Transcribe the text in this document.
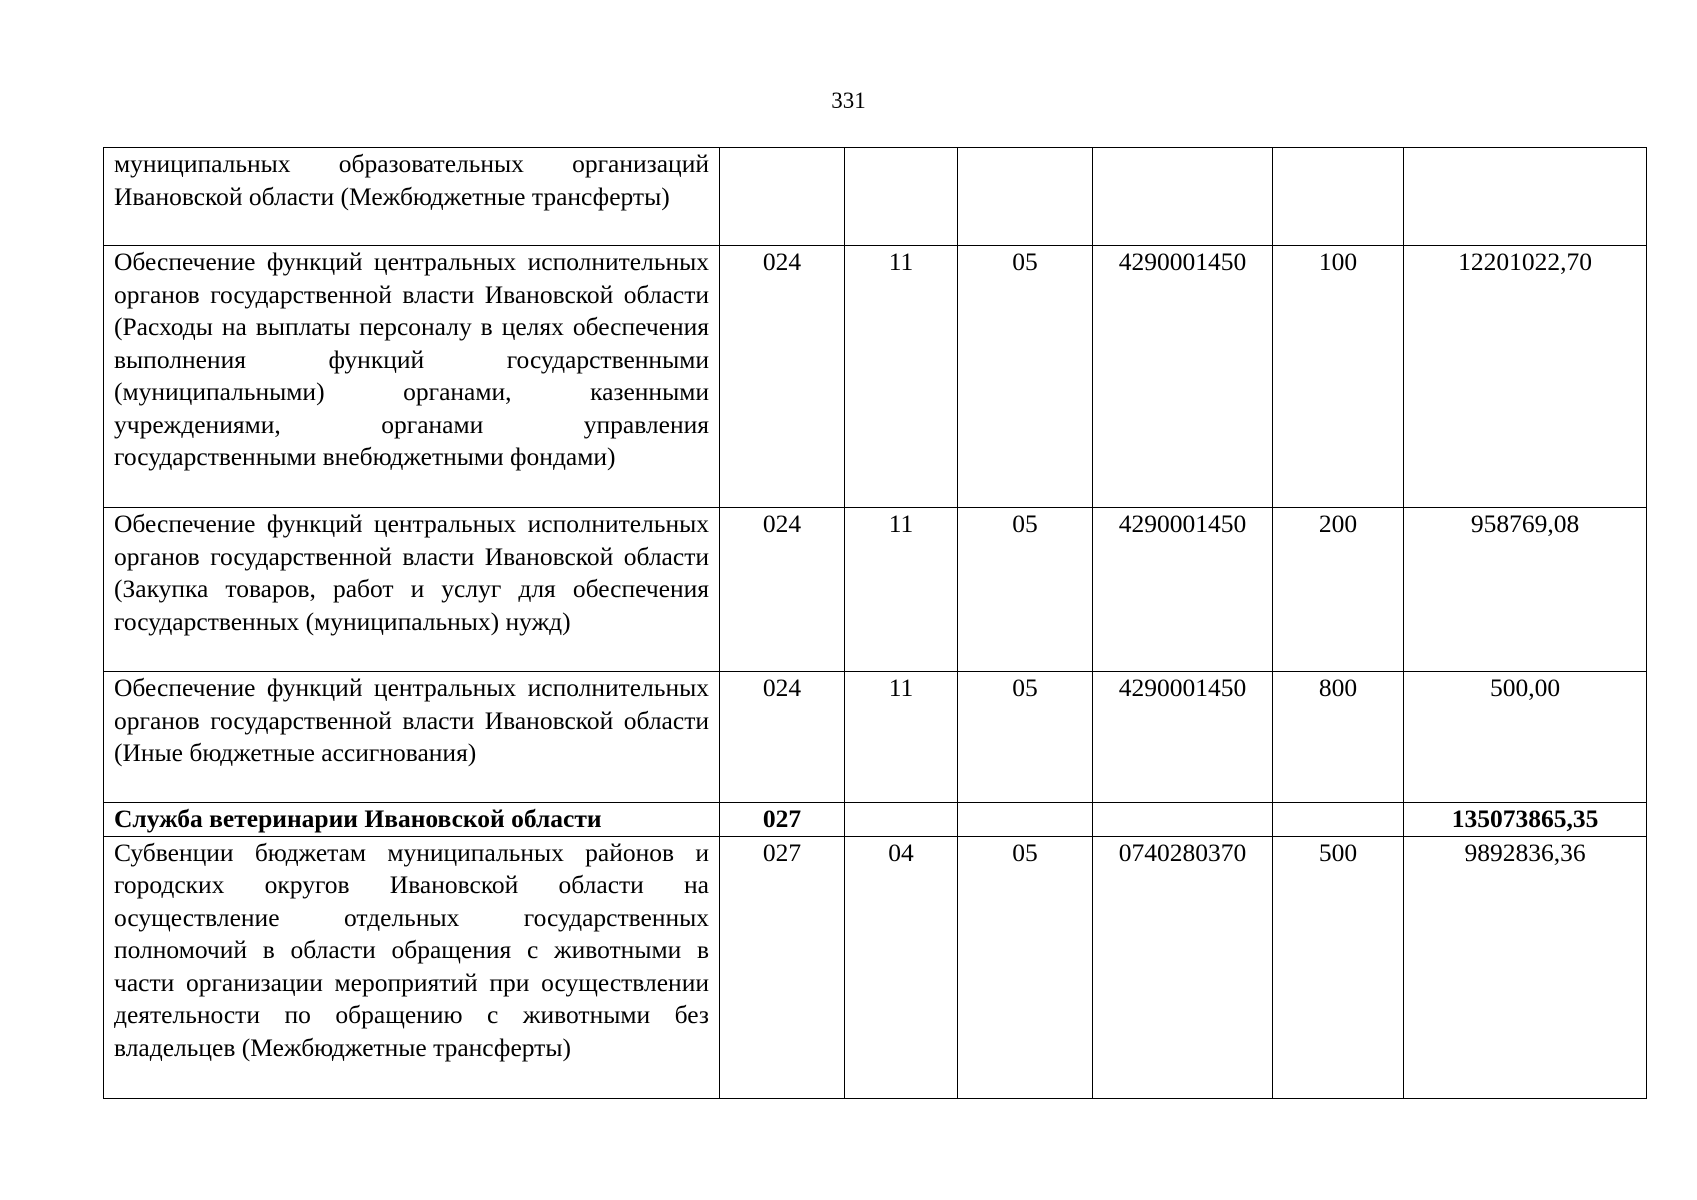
331
муниципальных образовательных организаций Ивановской области (Межбюджетные трансферты)						
Обеспечение функций центральных исполнительных органов государственной власти Ивановской области (Расходы на выплаты персоналу в целях обеспечения выполнения функций государственными (муниципальными) органами, казенными учреждениями, органами управления государственными внебюджетными фондами)	024	11	05	4290001450	100	12201022,70
Обеспечение функций центральных исполнительных органов государственной власти Ивановской области (Закупка товаров, работ и услуг для обеспечения государственных (муниципальных) нужд)	024	11	05	4290001450	200	958769,08
Обеспечение функций центральных исполнительных органов государственной власти Ивановской области (Иные бюджетные ассигнования)	024	11	05	4290001450	800	500,00
Служба ветеринарии Ивановской области	027					135073865,35
Субвенции бюджетам муниципальных районов и городских округов Ивановской области на осуществление отдельных государственных полномочий в области обращения с животными в части организации мероприятий при осуществлении деятельности по обращению с животными без владельцев (Межбюджетные трансферты)	027	04	05	0740280370	500	9892836,36
